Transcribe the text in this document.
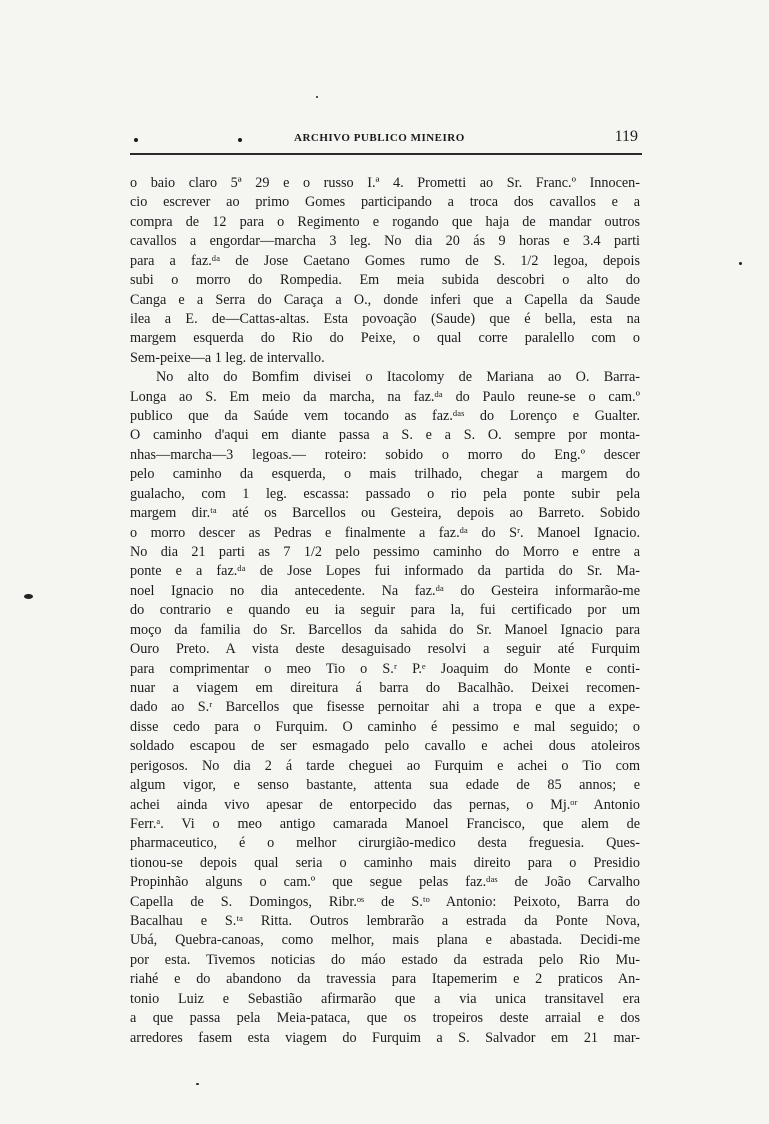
ARCHIVO PUBLICO MINEIRO	119
o baio claro 5ª 29 e o russo I.ª 4. Prometti ao Sr. Franc.º Innocen-
cio escrever ao primo Gomes participando a troca dos cavallos e a
compra de 12 para o Regimento e rogando que haja de mandar outros
cavallos a engordar—marcha 3 leg. No dia 20 ás 9 horas e 3.4 parti
para a faz.ᵈᵃ de Jose Caetano Gomes rumo de S. 1/2 legoa, depois
subi o morro do Rompedia. Em meia subida descobri o alto do
Canga e a Serra do Caraça a O., donde inferi que a Capella da Saude
ilea a E. de—Cattas-altas. Esta povoação (Saude) que é bella, esta na
margem esquerda do Rio do Peixe, o qual corre paralello com o
Sem-peixe—a 1 leg. de intervallo.
No alto do Bomfim divisei o Itacolomy de Mariana ao O. Barra-
Longa ao S. Em meio da marcha, na faz.ᵈᵃ do Paulo reune-se o cam.º
publico que da Saúde vem tocando as faz.ᵈᵃˢ do Lorenço e Gualter.
O caminho d'aqui em diante passa a S. e a S. O. sempre por monta-
nhas—marcha—3 legoas.— roteiro: sobido o morro do Eng.º descer
pelo caminho da esquerda, o mais trilhado, chegar a margem do
gualacho, com 1 leg. escassa: passado o rio pela ponte subir pela
margem dir.ᵗᵃ até os Barcellos ou Gesteira, depois ao Barreto. Sobido
o morro descer as Pedras e finalmente a faz.ᵈᵃ do Sʳ. Manoel Ignacio.
No dia 21 parti as 7 1/2 pelo pessimo caminho do Morro e entre a
ponte e a faz.ᵈᵃ de Jose Lopes fui informado da partida do Sr. Ma-
noel Ignacio no dia antecedente. Na faz.ᵈᵃ do Gesteira informarão-me
do contrario e quando eu ia seguir para la, fui certificado por um
moço da familia do Sr. Barcellos da sahida do Sr. Manoel Ignacio para
Ouro Preto. A vista deste desaguisado resolvi a seguir até Furquim
para comprimentar o meo Tio o S.ʳ P.ᵉ Joaquim do Monte e conti-
nuar a viagem em direitura á barra do Bacalhão. Deixei recomen-
dado ao S.ʳ Barcellos que fisesse pernoitar ahi a tropa e que a expe-
disse cedo para o Furquim. O caminho é pessimo e mal seguido; o
soldado escapou de ser esmagado pelo cavallo e achei dous atoleiros
perigosos. No dia 2 á tarde cheguei ao Furquim e achei o Tio com
algum vigor, e senso bastante, attenta sua edade de 85 annos; e
achei ainda vivo apesar de entorpecido das pernas, o Mj.ᵒʳ Antonio
Ferr.ᵃ. Vi o meo antigo camarada Manoel Francisco, que alem de
pharmaceutico, é o melhor cirurgião-medico desta freguesia. Ques-
tionou-se depois qual seria o caminho mais direito para o Presidio
Propinhão alguns o cam.º que segue pelas faz.ᵈᵃˢ de João Carvalho
Capella de S. Domingos, Ribr.ᵒˢ de S.ᵗᵒ Antonio: Peixoto, Barra do
Bacalhau e S.ᵗᵃ Ritta. Outros lembrarão a estrada da Ponte Nova,
Ubá, Quebra-canoas, como melhor, mais plana e abastada. Decidi-me
por esta. Tivemos noticias do máo estado da estrada pelo Rio Mu-
riahé e do abandono da travessia para Itapemerim e 2 praticos An-
tonio Luiz e Sebastião afirmarão que a via unica transitavel era
a que passa pela Meia-pataca, que os tropeiros deste arraial e dos
arredores fasem esta viagem do Furquim a S. Salvador em 21 mar-
